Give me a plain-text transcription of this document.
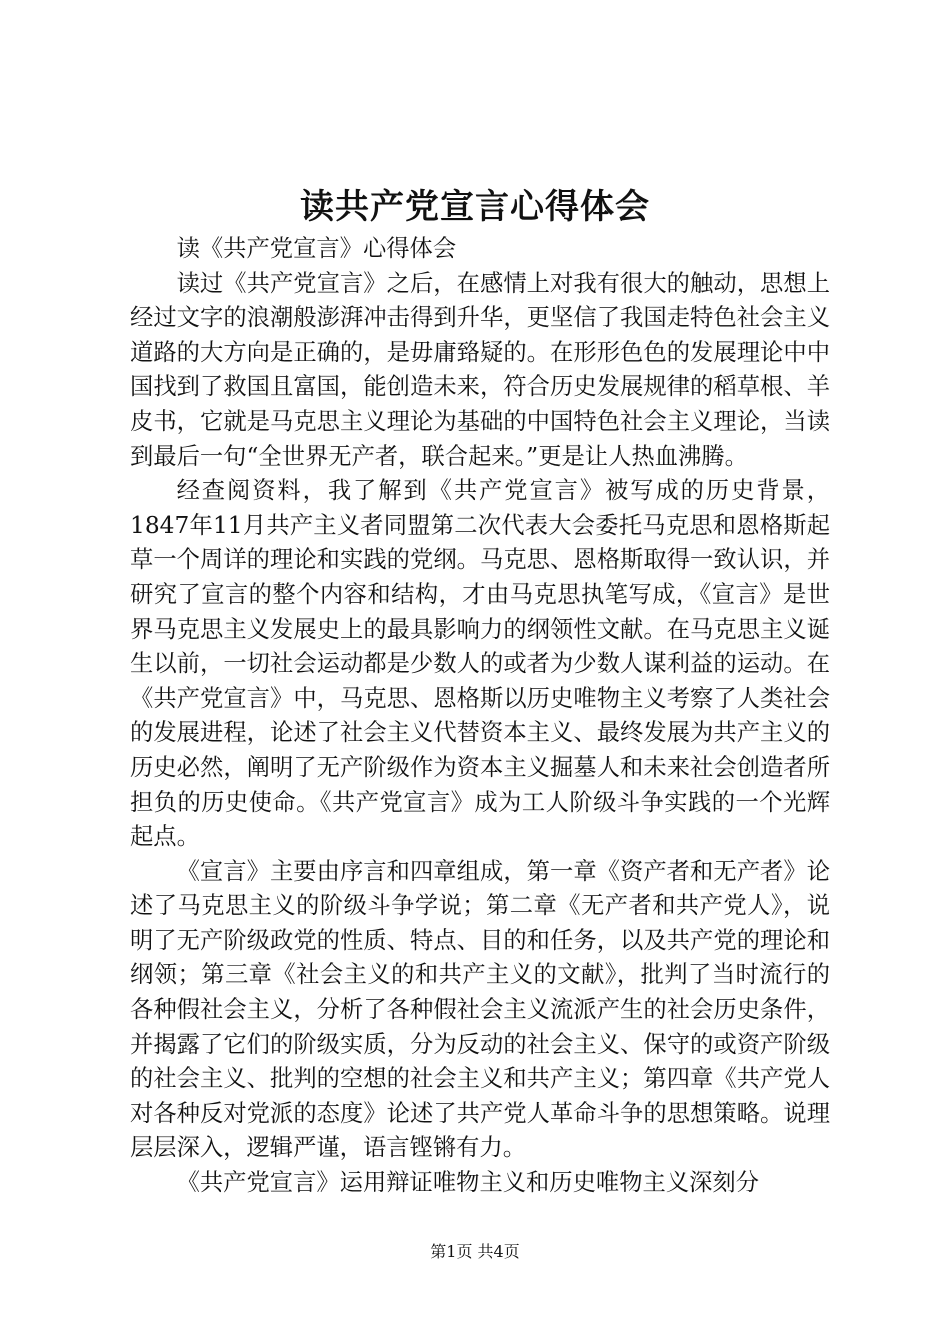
读共产党宣言心得体会

读《共产党宣言》心得体会

读过《共产党宣言》之后，在感情上对我有很大的触动，思想上经过文字的浪潮般澎湃冲击得到升华，更坚信了我国走特色社会主义道路的大方向是正确的，是毋庸臵疑的。在形形色色的发展理论中中国找到了救国且富国，能创造未来，符合历史发展规律的稻草根、羊皮书，它就是马克思主义理论为基础的中国特色社会主义理论，当读到最后一句“全世界无产者，联合起来。”更是让人热血沸腾。

经查阅资料，我了解到《共产党宣言》被写成的历史背景，1847年11月共产主义者同盟第二次代表大会委托马克思和恩格斯起草一个周详的理论和实践的党纲。马克思、恩格斯取得一致认识，并研究了宣言的整个内容和结构，才由马克思执笔写成，《宣言》是世界马克思主义发展史上的最具影响力的纲领性文献。在马克思主义诞生以前，一切社会运动都是少数人的或者为少数人谋利益的运动。在《共产党宣言》中，马克思、恩格斯以历史唯物主义考察了人类社会的发展进程，论述了社会主义代替资本主义、最终发展为共产主义的历史必然，阐明了无产阶级作为资本主义掘墓人和未来社会创造者所担负的历史使命。《共产党宣言》成为工人阶级斗争实践的一个光辉起点。

《宣言》主要由序言和四章组成，第一章《资产者和无产者》论述了马克思主义的阶级斗争学说；第二章《无产者和共产党人》，说明了无产阶级政党的性质、特点、目的和任务，以及共产党的理论和纲领；第三章《社会主义的和共产主义的文献》，批判了当时流行的各种假社会主义，分析了各种假社会主义流派产生的社会历史条件，并揭露了它们的阶级实质，分为反动的社会主义、保守的或资产阶级的社会主义、批判的空想的社会主义和共产主义；第四章《共产党人对各种反对党派的态度》论述了共产党人革命斗争的思想策略。说理层层深入，逻辑严谨，语言铿锵有力。

《共产党宣言》运用辩证唯物主义和历史唯物主义深刻分

第1页 共4页
